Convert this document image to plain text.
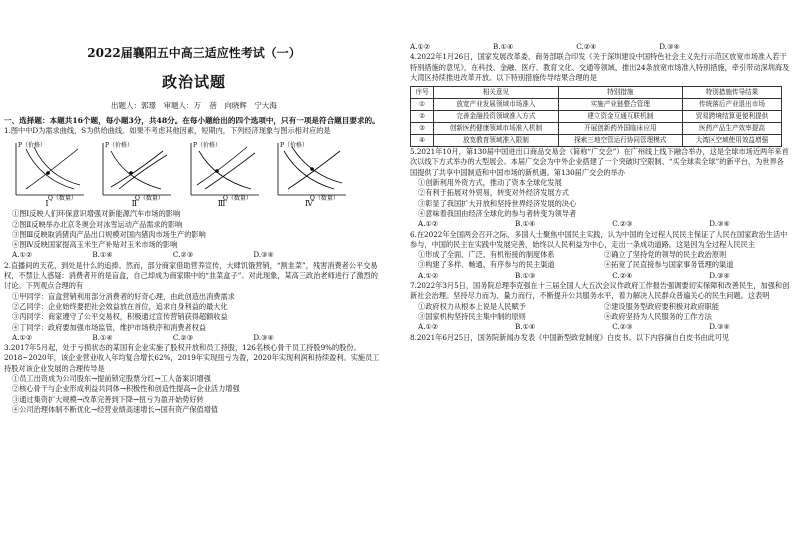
2022届襄阳五中高三适应性考试（一）
政治试题
出题人：郭璟　审题人：万 蓓　向晓辉　宁大海
一、选择题：本题共16个题，每小题3分，共48分。在每小题给出的四个选项中，只有一项是符合题目要求的。

1.图中中D为需求曲线，S为供给曲线。如果不考虑其他因素，短期内，下列经济现象与图示相对应的是

P（价格）
Q（数量）
Ⅰ
P（价格）
Q（数量）
Ⅱ
P（价格）
Q（数量）
Ⅲ
P（价格）
Q（数量）
Ⅳ

①图Ⅰ反映人们环保意识增强对新能源汽车市场的影响

②图Ⅱ反映举办北京冬奥会对冰雪运动产品需求的影响

③图Ⅲ反映取消猪肉产品出口规模对国内猪肉市场生产的影响

④图Ⅳ反映国家提高玉米生产补贴对玉米市场的影响

A.①②	B.①④	C.②③	D.③④

2.直播间的天花，到处是什么的追捧。然而，部分商家借助营养宣传，大肆饥饿营销，“割韭菜”，残害消费者公平交易权，不禁让人惑疑：消费者开的是盲盒，自己却成为商家眼中的“韭菜盒子”。对此现象，某高三政治老师进行了激烈的讨论。下列观点合理的有

①甲同学：盲盒营销利用部分消费者的好奇心理，由此创造出消费需求

②乙同学：企业始终要把社会效益放在首位，追求自身利益的最大化

③丙同学：商家遵守了公平交易权，积极通过宣传营销获得超额收益

④丁同学：政府要加强市场监管，维护市场秩序和消费者权益

A.①②	B.①④	C.②③	D.③④

3.2017年5月起，处于亏损状态的某国有企业实施了股权开放和员工持股，126名核心骨干员工持股9%的股份。2018~2020年，该企业营业收入年均复合增长62%，2019年实现扭亏为盈，2020年实现利润和持续盈利。实施员工持股对该企业发展的合理传导是

①员工出资成为公司股东→提前锁定股票分红→工人备案识增强

②核心骨干与企业形成利益共同体→积极性和创造性提高→企业活力增强

③通过集资扩大规模→改革完善到下降→扭亏为盈开始势好转

④公司治理体制不断优化→经营业绩高速增长→国有资产保值增值

A.①②	B.①④	C.②④	D.③④

4.2022年1月26日，国家发展改革委、商务部联合印发《关于深圳建设中国特色社会主义先行示范区放宽市场准入若干特别措施的意见》，在科技、金融、医疗、教育文化、交通等领域，推出24条放宽市场准入特别措施，牵引带动深圳海及大湾区持续推进改革开放。以下特别措施传导结果合理的是

序号	相关意见	特别措施	特别措施传导结果
①	放宽产业发展领域市场准入	实施产业链整合管理	传统落后产业退出市场
②	完善金融投资领域准入方式	建立资金互通互联机制	贸易跨境结算更便利提供
③	创新医药健康领域市场准入机制	开展创新药外国临床应用	医药产品生产效率提高
④	放宽教育领域准入限制	探索三地空管运行协同管理模式	大湾区空域使用效益增强

5.2021年10月，第130届中国进出口商品交易会（简称“广交会”）在广州线上线下融合举办，这是全球市场近两年来首次以线下方式举办的大型展会。本届广交会为中外企业搭建了一个突破时空限制、“买全球卖全球”的新平台，为世界各国提供了共享中国制造和中国市场的新机遇。第130届广交会的举办

①创新利用外资方式，推动了资本全球化发展

②有利于拓展对外贸易，转变对外经济发展方式

③彰显了我国扩大开放和坚持世界经济发展的决心

④意味着我国由经济全球化的参与者转变为领导者

A.①②	B.①④	C.②③	D.③④

6.在2022年全国两会召开之际，多国人士聚焦中国民主实践，认为中国的全过程人民民主保证了人民在国家政治生活中参与，中国的民主在实践中发展完善，始终以人民利益为中心，走出一条成功道路。这是因为全过程人民民主

①形成了全面、广泛、有机衔接的制度体系	②确立了坚持党的领导的民主政治原则
③构建了多样、畅通、有序参与的民主渠道	④拓宽了民直接参与国家事务管理的渠道
A.①②	B.①③	C.②④	D.③④

7.2022年3月5日，国务院总理李克强在十三届全国人大五次会议作政府工作报告强调要切实保障和改善民生，加强和创新社会治理。坚持尽力而为、量力而行，不断提升公共服务水平，着力解决人民群众普遍关心的民生问题。这表明

①政府权力从根本上说是人民赋予	②建设服务型政府要积极对政府职能
③国家机构坚持民主集中制的原则	④政府坚持为人民服务的工作方法
A.①②	B.①④	C.②③	D.③④

8.2021年6月25日，国务院新闻办发表《中国新型政党制度》白皮书。以下内容摘自白皮书由此可见
